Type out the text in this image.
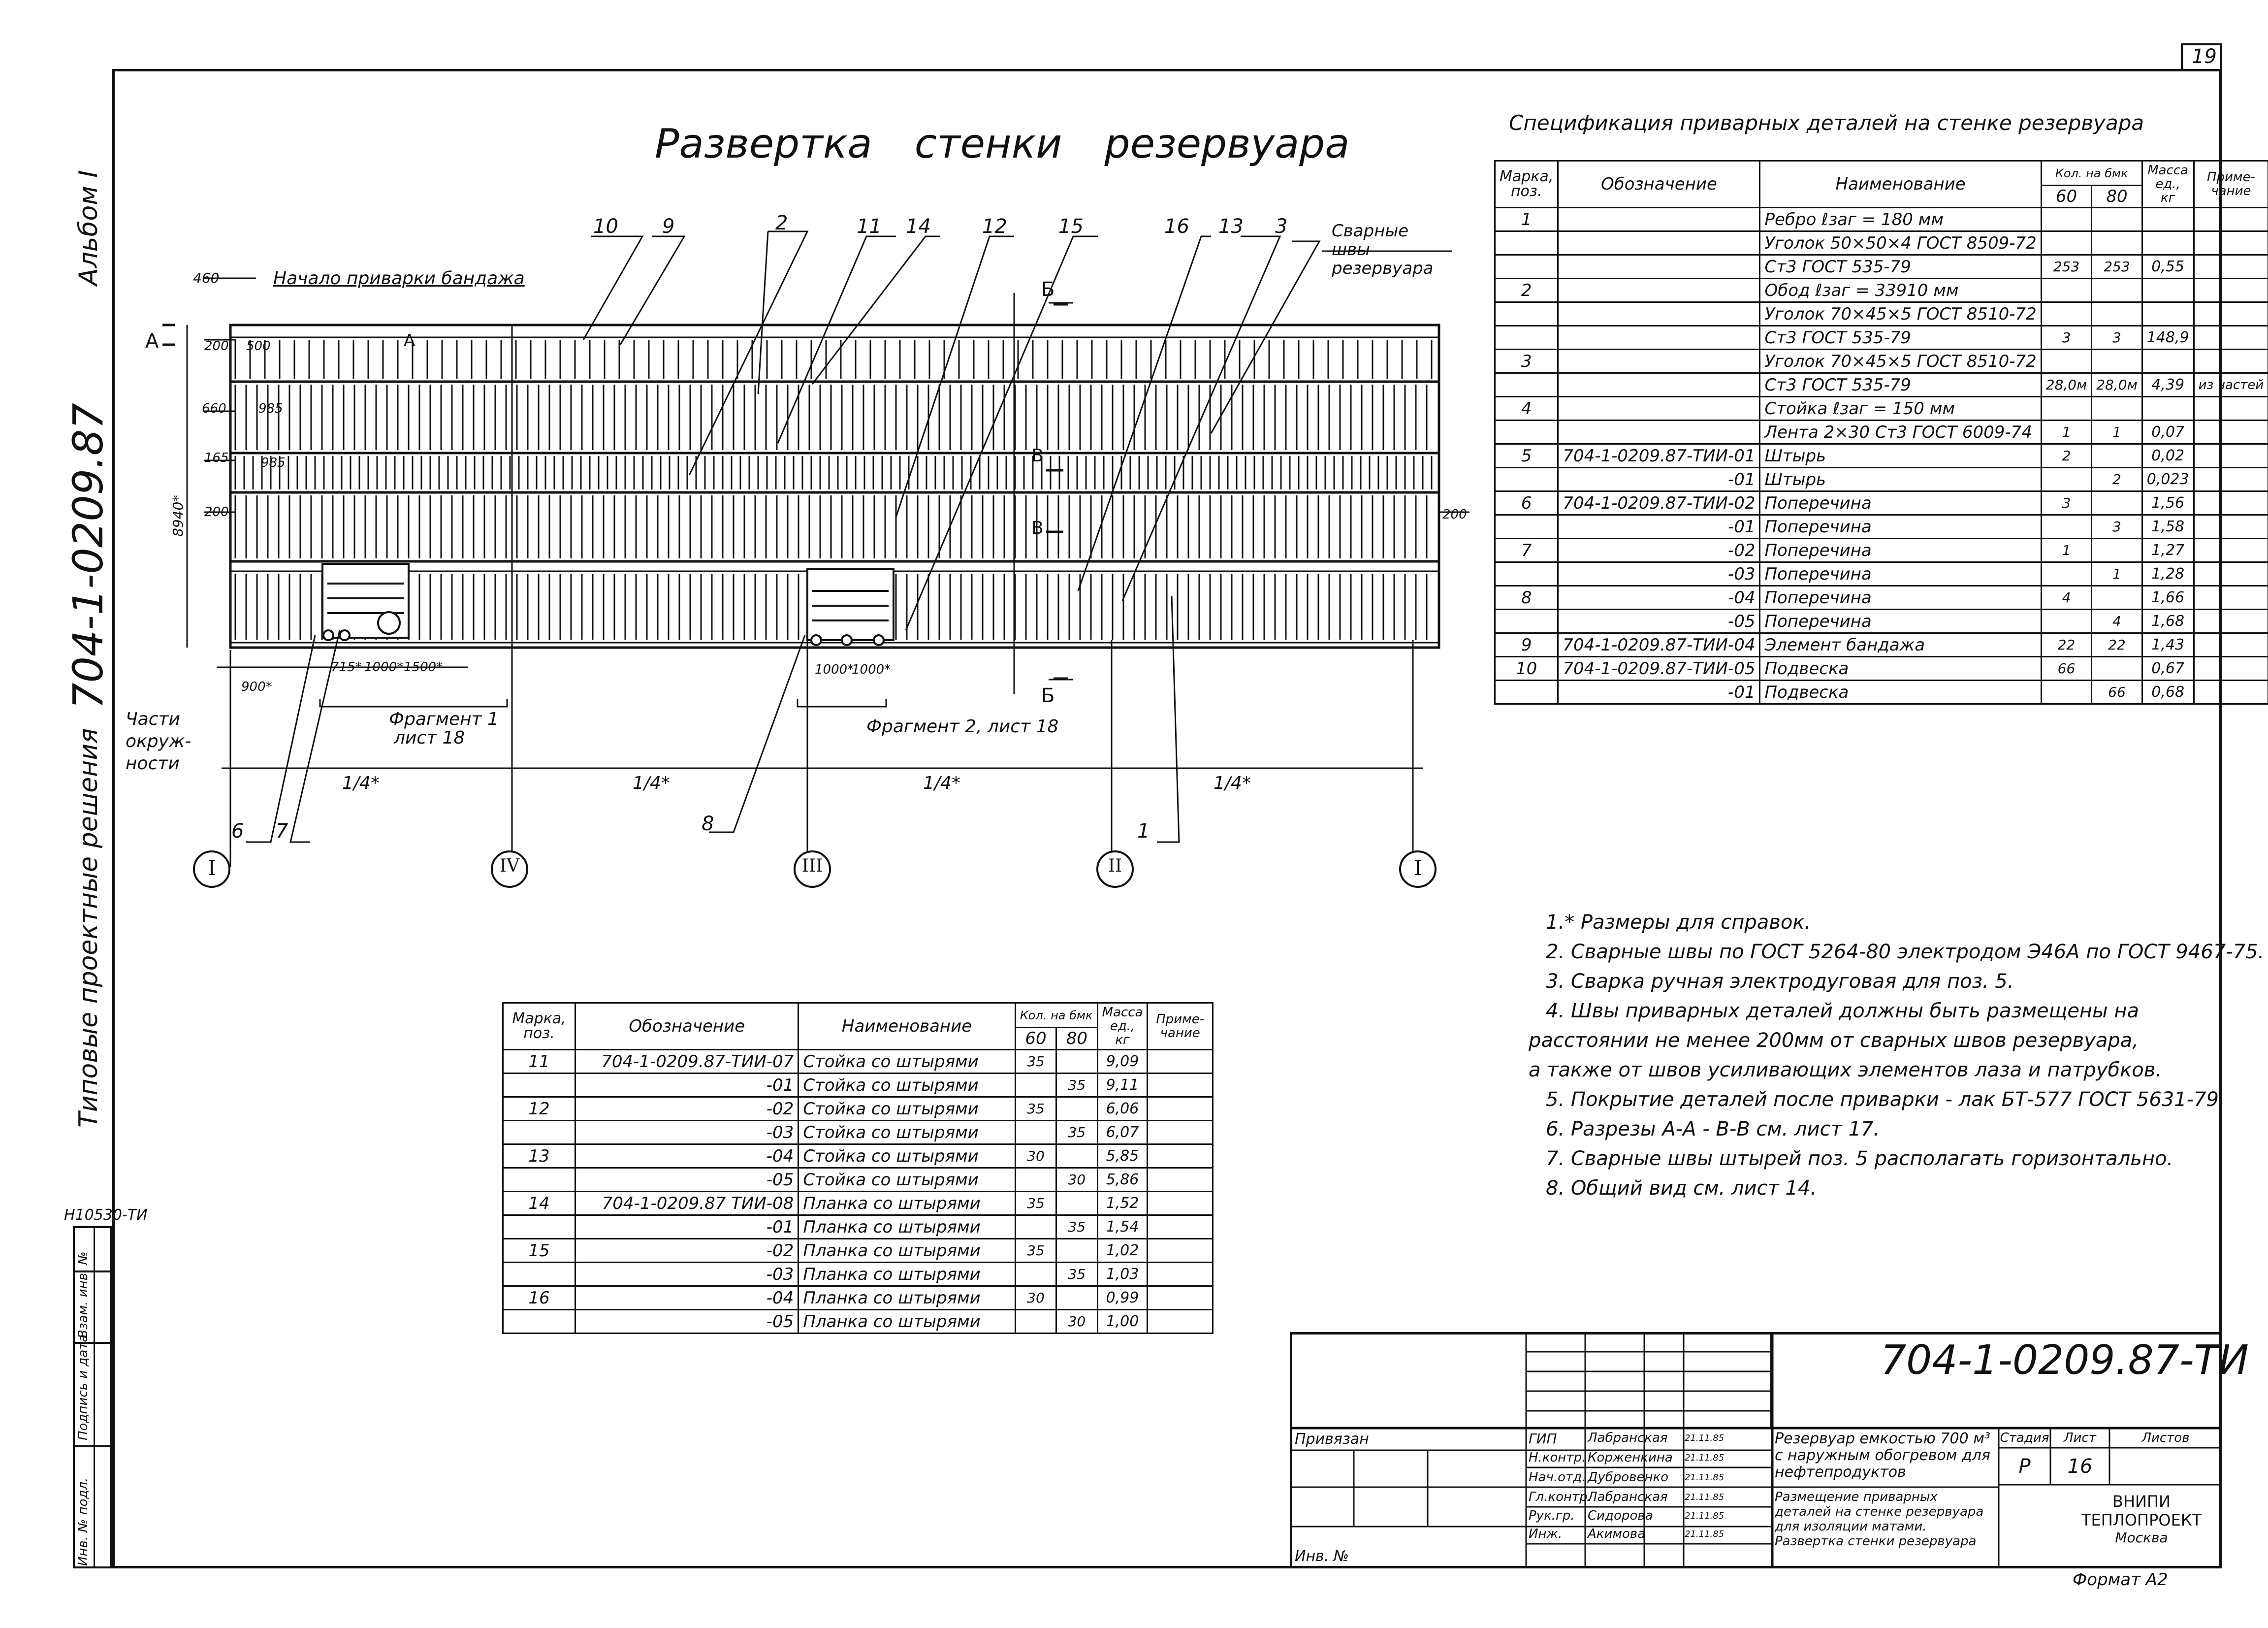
19
Альбом I
704-1-0209.87
Типовые проектные решения
Н10530-ТИ
Инв. № подл.
Подпись и дата
Взам. инв. №
Развертка стенки резервуара
Начало приварки бандажа
Сварные швы резервуара
Фрагмент 1
лист 18
Фрагмент 2, лист 18
Части
окруж-
ности
1/4*	1/4*	1/4*	1/4*
460
200 500
660	985
165	985
200	200
8940*
900*
715* 1000* 1500*	1000*
1000*
А	А
Б
Б
В
В
10 9	2	11 14	12	15	16 13 3
6 7	8	1
I	IV	III	II	I
Спецификация приварных деталей на стенке резервуара
Марка, поз.	Обозначение	Наименование	Кол. на бмк		Масса ед., кг	Приме- чание
			60	80		
1		Ребро ℓзаг = 180 мм				
		Уголок 50×50×4 ГОСТ 8509-72				
		Ст3 ГОСТ 535-79	253	253	0,55	
2		Обод ℓзаг = 33910 мм				
		Уголок 70×45×5 ГОСТ 8510-72				
		Ст3 ГОСТ 535-79	3	3	148,9	
3		Уголок 70×45×5 ГОСТ 8510-72				
		Ст3 ГОСТ 535-79	28,0м	28,0м	4,39	из частей
4		Стойка ℓзаг = 150 мм				
		Лента 2×30 Ст3 ГОСТ 6009-74	1	1	0,07	
5	704-1-0209.87-ТИИ-01	Штырь	2		0,02	
	-01	Штырь		2	0,023	
6	704-1-0209.87-ТИИ-02	Поперечина	3		1,56	
	-01	Поперечина		3	1,58	
7	-02	Поперечина	1		1,27	
	-03	Поперечина		1	1,28	
8	-04	Поперечина	4		1,66	
	-05	Поперечина		4	1,68	
9	704-1-0209.87-ТИИ-04	Элемент бандажа	22	22	1,43	
10	704-1-0209.87-ТИИ-05	Подвеска	66		0,67	
	-01	Подвеска		66	0,68	
1.* Размеры для справок.
2. Сварные швы по ГОСТ 5264-80 электродом Э46А по ГОСТ 9467-75.
3. Сварка ручная электродуговая для поз. 5.
4. Швы приварных деталей должны быть размещены на
расстоянии не менее 200мм от сварных швов резервуара,
а также от швов усиливающих элементов лаза и патрубков.
5. Покрытие деталей после приварки - лак БТ-577 ГОСТ 5631-79.
6. Разрезы А-А - В-В см. лист 17.
7. Сварные швы штырей поз. 5 располагать горизонтально.
8. Общий вид см. лист 14.
Марка, поз.	Обозначение	Наименование	Кол. на бмк		Масса ед., кг	Приме- чание
			60	80		
11	704-1-0209.87-ТИИ-07	Стойка со штырями	35		9,09	
	-01	Стойка со штырями		35	9,11	
12	-02	Стойка со штырями	35		6,06	
	-03	Стойка со штырями		35	6,07	
13	-04	Стойка со штырями	30		5,85	
	-05	Стойка со штырями		30	5,86	
14	704-1-0209.87 ТИИ-08	Планка со штырями	35		1,52	
	-01	Планка со штырями		35	1,54	
15	-02	Планка со штырями	35		1,02	
	-03	Планка со штырями		35	1,03	
16	-04	Планка со штырями	30		0,99	
	-05	Планка со штырями		30	1,00	
704-1-0209.87-ТИ
Привязан
Инв. №
ГИП
Н.контр.
Нач.отд.
Гл.контр.
Рук.гр.
Инж.
Лабранская
Корженкина
Дубровенко
Лабранская
Сидорова
Акимова
21.11.85
21.11.85
21.11.85
21.11.85
21.11.85
21.11.85
Резервуар емкостью 700 м³ с наружным обогревом для нефтепродуктов
Размещение приварных деталей на стенке резервуара для изоляции матами. Развертка стенки резервуара
Стадия	Лист	Листов
Р	16
ВНИПИ
ТЕПЛОПРОЕКТ
Москва
Формат А2
